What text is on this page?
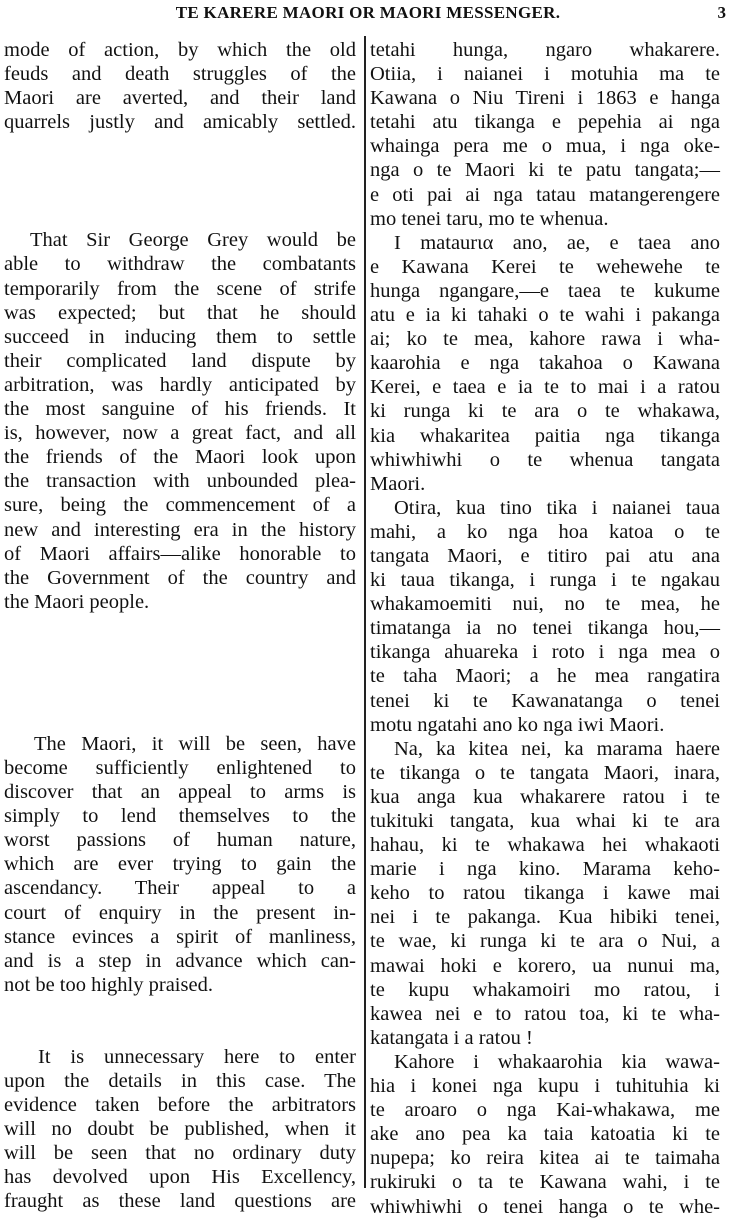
TE KARERE MAORI OR MAORI MESSENGER.	3
mode of action, by which the old
feuds and death struggles of the
Maori are averted, and their land
quarrels justly and amicably settled.
That Sir George Grey would be
able to withdraw the combatants
temporarily from the scene of strife
was expected; but that he should
succeed in inducing them to settle
their complicated land dispute by
arbitration, was hardly anticipated by
the most sanguine of his friends. It
is, however, now a great fact, and all
the friends of the Maori look upon
the transaction with unbounded plea-
sure, being the commencement of a
new and interesting era in the history
of Maori affairs—alike honorable to
the Government of the country and
the Maori people.
The Maori, it will be seen, have
become sufficiently enlightened to
discover that an appeal to arms is
simply to lend themselves to the
worst passions of human nature,
which are ever trying to gain the
ascendancy. Their appeal to a
court of enquiry in the present in-
stance evinces a spirit of manliness,
and is a step in advance which can-
not be too highly praised.
It is unnecessary here to enter
upon the details in this case. The
evidence taken before the arbitrators
will no doubt be published, when it
will be seen that no ordinary duty
has devolved upon His Excellency,
fraught as these land questions are
tetahi hunga, ngaro whakarere.
Otiia, i naianei i motuhia ma te
Kawana o Niu Tireni i 1863 e hanga
tetahi atu tikanga e pepehia ai nga
whainga pera me o mua, i nga oke-
nga o te Maori ki te patu tangata;—
e oti pai ai nga tatau matangerengere
mo tenei taru, mo te whenua.
I mataurια ano, ae, e taea ano
e Kawana Kerei te wehewehe te
hunga ngangare,—e taea te kukume
atu e ia ki tahaki o te wahi i pakanga
ai; ko te mea, kahore rawa i wha-
kaarohia e nga takahoa o Kawana
Kerei, e taea e ia te to mai i a ratou
ki runga ki te ara o te whakawa,
kia whakaritea paitia nga tikanga
whiwhiwhi o te whenua tangata
Maori.
Otira, kua tino tika i naianei taua
mahi, a ko nga hoa katoa o te
tangata Maori, e titiro pai atu ana
ki taua tikanga, i runga i te ngakau
whakamoemiti nui, no te mea, he
timatanga ia no tenei tikanga hou,—
tikanga ahuareka i roto i nga mea o
te taha Maori; a he mea rangatira
tenei ki te Kawanatanga o tenei
motu ngatahi ano ko nga iwi Maori.
Na, ka kitea nei, ka marama haere
te tikanga o te tangata Maori, inara,
kua anga kua whakarere ratou i te
tukituki tangata, kua whai ki te ara
hahau, ki te whakawa hei whakaoti
marie i nga kino. Marama keho-
keho to ratou tikanga i kawe mai
nei i te pakanga. Kua hibiki tenei,
te wae, ki runga ki te ara o Nui, a
mawai hoki e korero, ua nunui ma,
te kupu whakamoiri mo ratou, i
kawea nei e to ratou toa, ki te wha-
katangata i a ratou !
Kahore i whakaarohia kia wawa-
hia i konei nga kupu i tuhituhia ki
te aroaro o nga Kai-whakawa, me
ake ano pea ka taia katoatia ki te
nupepa; ko reira kitea ai te taimaha
rukiruki o ta te Kawana wahi, i te
whiwhiwhi o tenei hanga o te whe-
